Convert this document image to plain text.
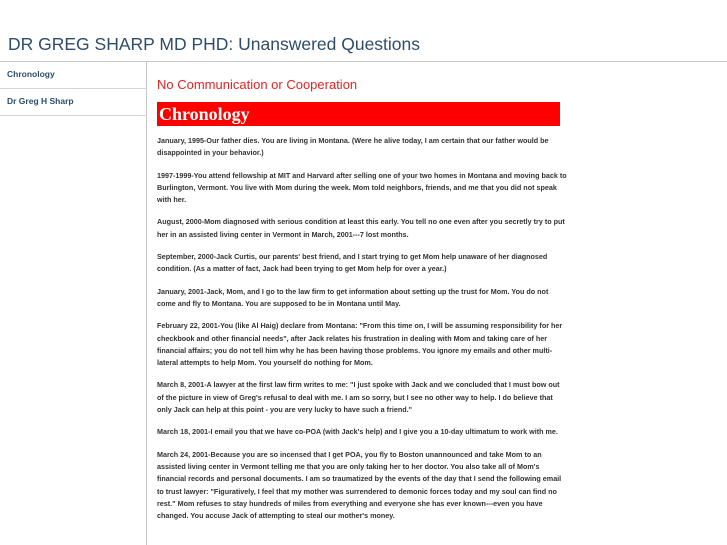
DR GREG SHARP MD PHD: Unanswered Questions
Chronology
Dr Greg H Sharp
No Communication or Cooperation
Chronology

January, 1995-Our father dies. You are living in Montana. (Were he alive today, I am certain that our father would be disappointed in your behavior.)

1997-1999-You attend fellowship at MIT and Harvard after selling one of your two homes in Montana and moving back to Burlington, Vermont. You live with Mom during the week. Mom told neighbors, friends, and me that you did not speak with her.

August, 2000-Mom diagnosed with serious condition at least this early. You tell no one even after you secretly try to put her in an assisted living center in Vermont in March, 2001---7 lost months.

September, 2000-Jack Curtis, our parents' best friend, and I start trying to get Mom help unaware of her diagnosed condition. (As a matter of fact, Jack had been trying to get Mom help for over a year.)

January, 2001-Jack, Mom, and I go to the law firm to get information about setting up the trust for Mom. You do not come and fly to Montana. You are supposed to be in Montana until May.

February 22, 2001-You (like Al Haig) declare from Montana: "From this time on, I will be assuming responsibility for her checkbook and other financial needs", after Jack relates his frustration in dealing with Mom and taking care of her financial affairs; you do not tell him why he has been having those problems. You ignore my emails and other multi-lateral attempts to help Mom. You yourself do nothing for Mom.

March 8, 2001-A lawyer at the first law firm writes to me: "I just spoke with Jack and we concluded that I must bow out of the picture in view of Greg's refusal to deal with me. I am so sorry, but I see no other way to help. I do believe that only Jack can help at this point - you are very lucky to have such a friend."

March 18, 2001-I email you that we have co-POA (with Jack's help) and I give you a 10-day ultimatum to work with me.

March 24, 2001-Because you are so incensed that I get POA, you fly to Boston unannounced and take Mom to an assisted living center in Vermont telling me that you are only taking her to her doctor. You also take all of Mom's financial records and personal documents. I am so traumatized by the events of the day that I send the following email to trust lawyer: "Figuratively, I feel that my mother was surrendered to demonic forces today and my soul can find no rest." Mom refuses to stay hundreds of miles from everything and everyone she has ever known---even you have changed. You accuse Jack of attempting to steal our mother's money.
